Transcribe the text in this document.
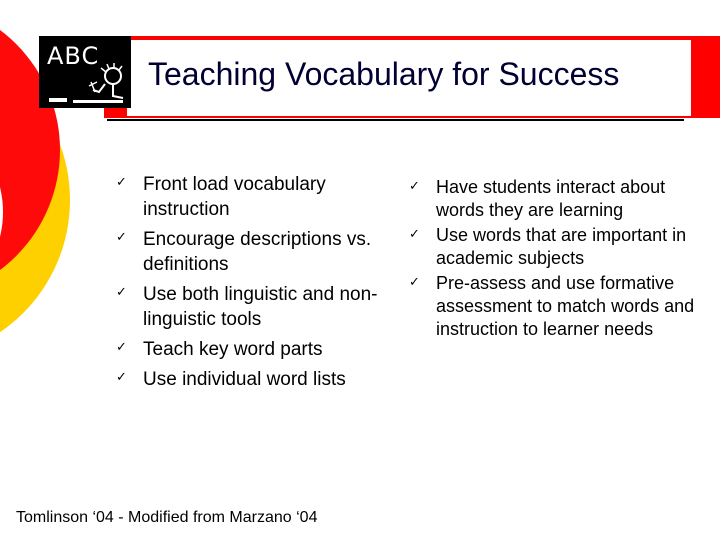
Teaching Vocabulary for Success
ABC
✓ Front load vocabulary instruction
✓ Encourage descriptions vs. definitions
✓ Use both linguistic and non-linguistic tools
✓ Teach key word parts
✓ Use individual word lists
✓ Have students interact about words they are learning
✓ Use words that are important in academic subjects
✓ Pre-assess and use formative assessment to match words and instruction to learner needs
Tomlinson ‘04 - Modified from Marzano ‘04
